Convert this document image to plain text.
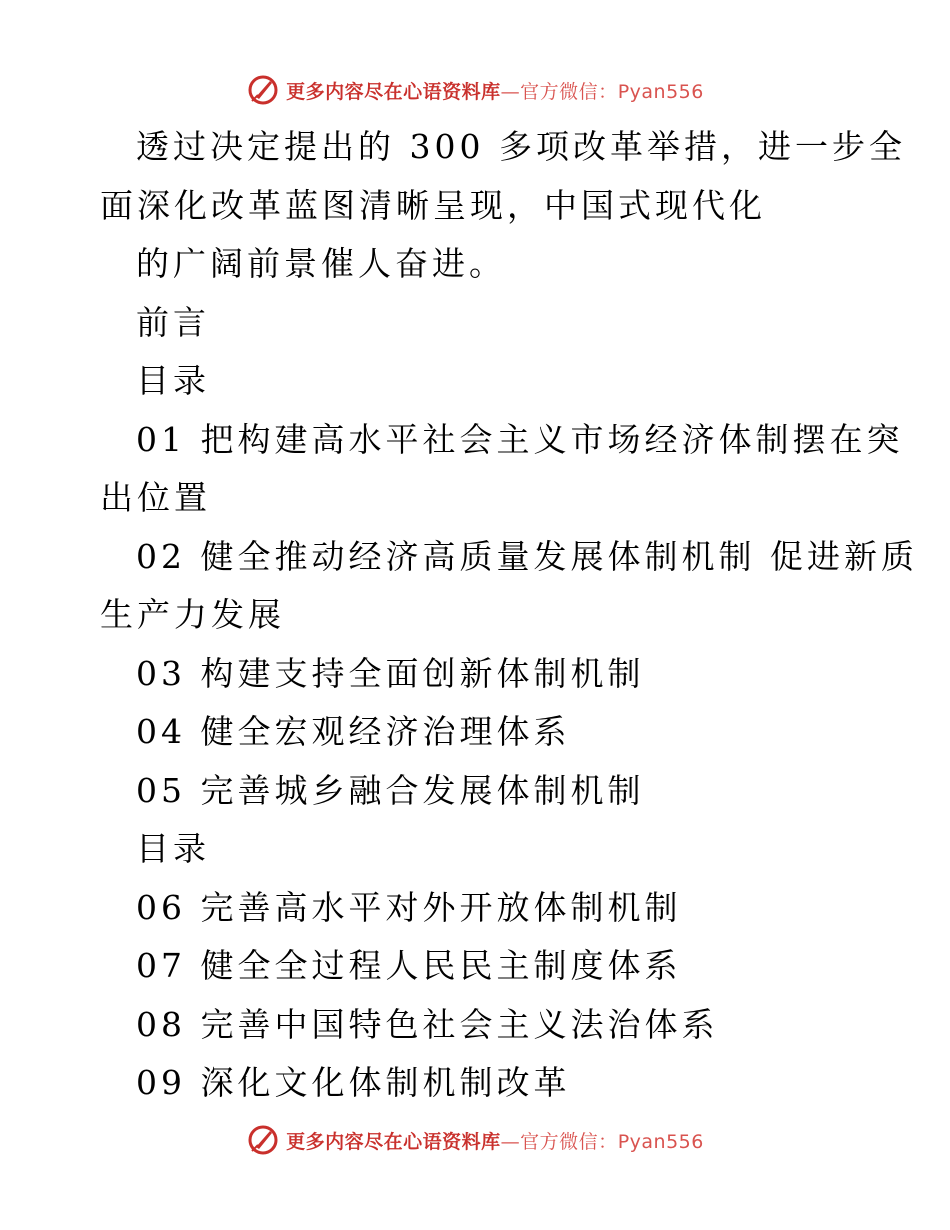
更多内容尽在心语资料库—官方微信：Pyan556
透过决定提出的 300 多项改革举措，进一步全
面深化改革蓝图清晰呈现，中国式现代化
的广阔前景催人奋进。
前言
目录
01 把构建高水平社会主义市场经济体制摆在突
出位置
02 健全推动经济高质量发展体制机制 促进新质
生产力发展
03 构建支持全面创新体制机制
04 健全宏观经济治理体系
05 完善城乡融合发展体制机制
目录
06 完善高水平对外开放体制机制
07 健全全过程人民民主制度体系
08 完善中国特色社会主义法治体系
09 深化文化体制机制改革
更多内容尽在心语资料库—官方微信：Pyan556
